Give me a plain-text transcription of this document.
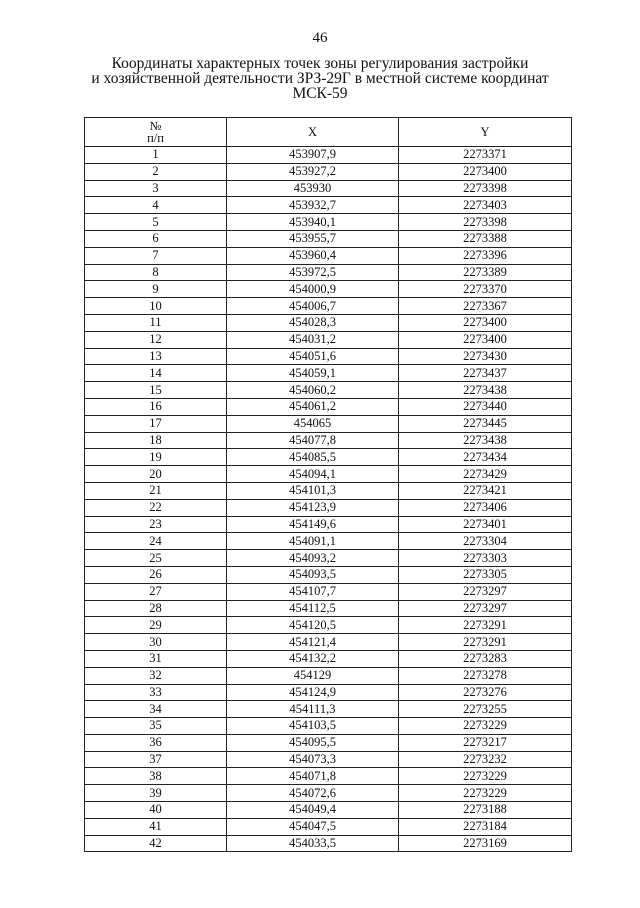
46
Координаты характерных точек зоны регулирования застройки
и хозяйственной деятельности ЗРЗ-29Г в местной системе координат
МСК-59
№
п/п	X	Y
1	453907,9	2273371
2	453927,2	2273400
3	453930	2273398
4	453932,7	2273403
5	453940,1	2273398
6	453955,7	2273388
7	453960,4	2273396
8	453972,5	2273389
9	454000,9	2273370
10	454006,7	2273367
11	454028,3	2273400
12	454031,2	2273400
13	454051,6	2273430
14	454059,1	2273437
15	454060,2	2273438
16	454061,2	2273440
17	454065	2273445
18	454077,8	2273438
19	454085,5	2273434
20	454094,1	2273429
21	454101,3	2273421
22	454123,9	2273406
23	454149,6	2273401
24	454091,1	2273304
25	454093,2	2273303
26	454093,5	2273305
27	454107,7	2273297
28	454112,5	2273297
29	454120,5	2273291
30	454121,4	2273291
31	454132,2	2273283
32	454129	2273278
33	454124,9	2273276
34	454111,3	2273255
35	454103,5	2273229
36	454095,5	2273217
37	454073,3	2273232
38	454071,8	2273229
39	454072,6	2273229
40	454049,4	2273188
41	454047,5	2273184
42	454033,5	2273169
